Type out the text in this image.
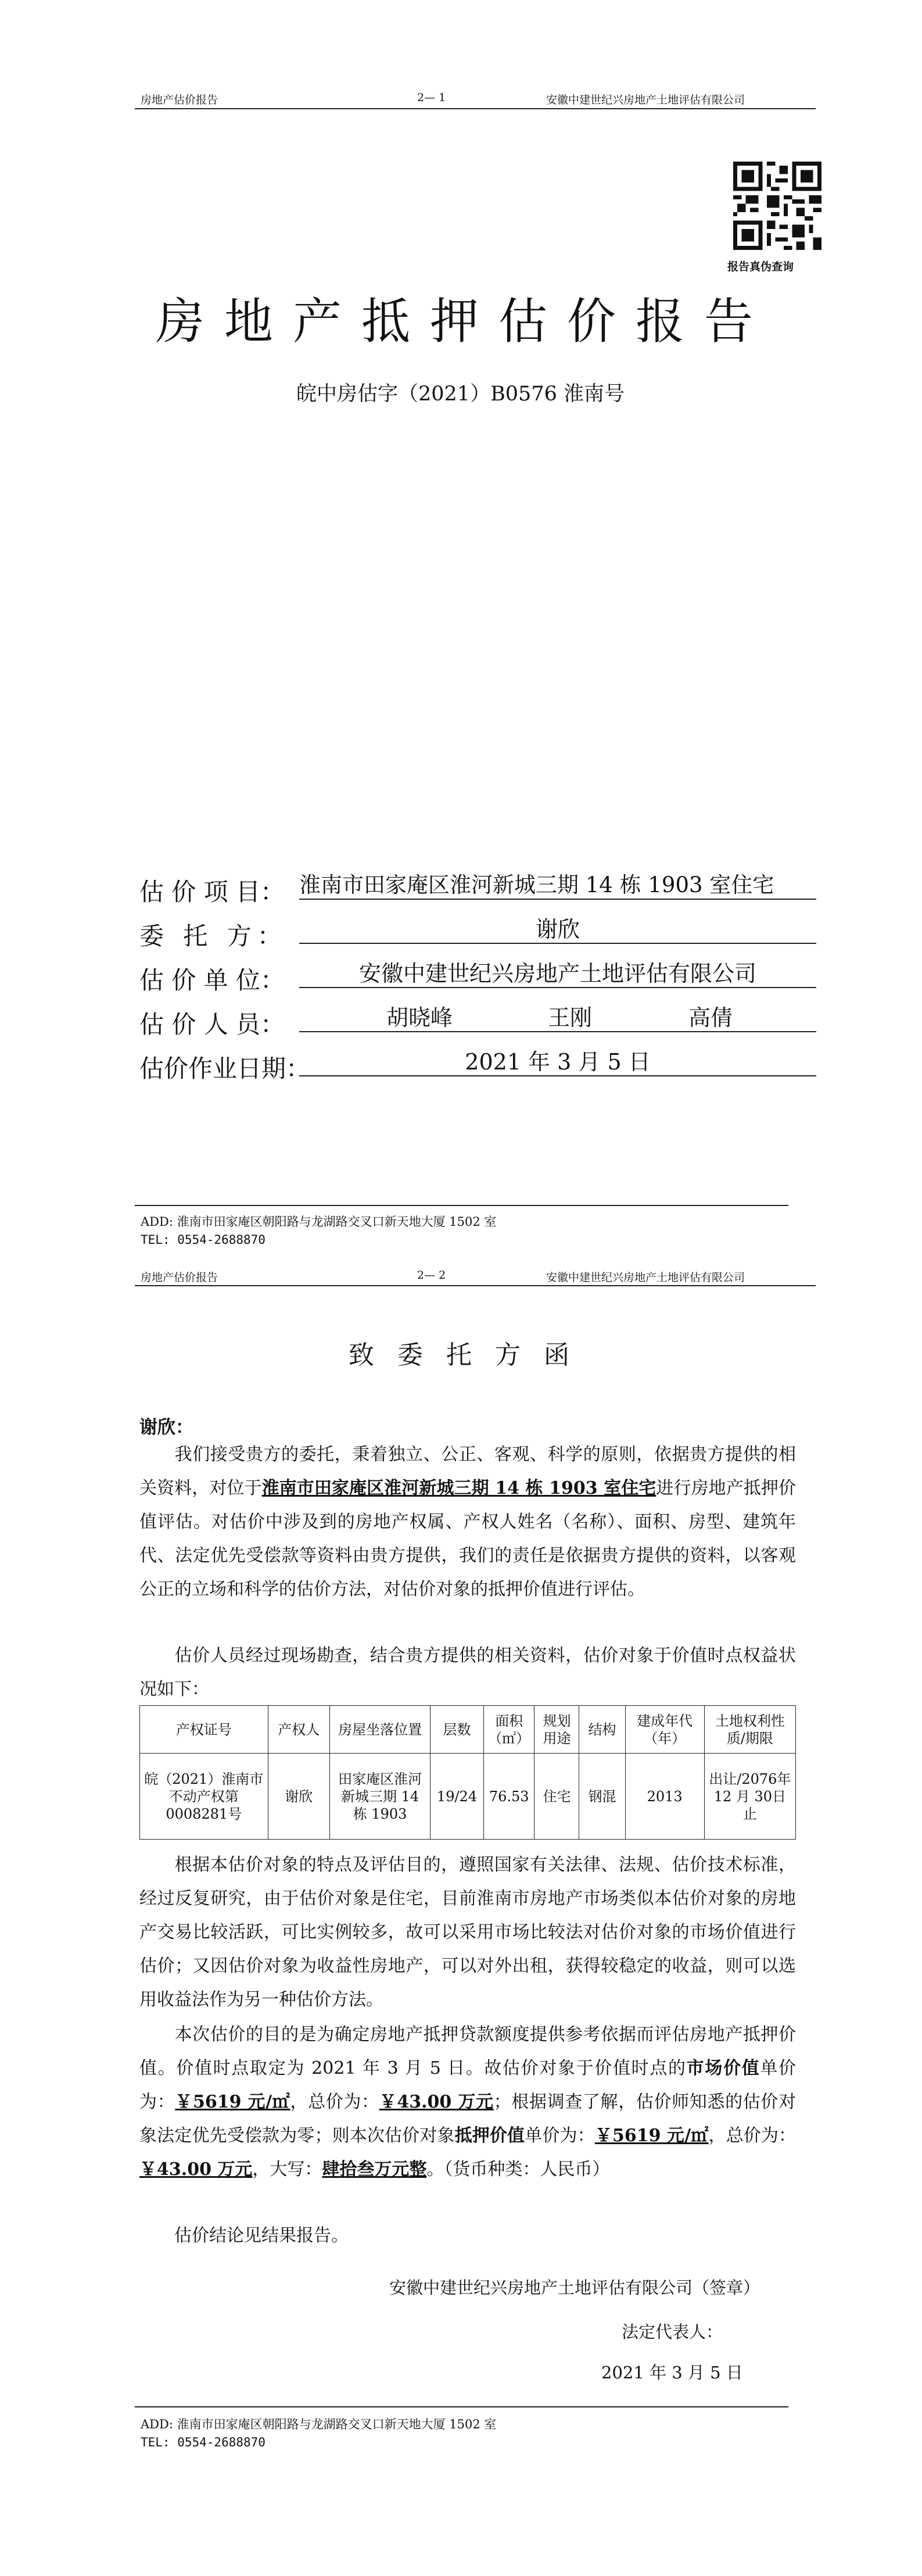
房地产估价报告	2— 1	安徽中建世纪兴房地产土地评估有限公司
报告真伪查询
房地产抵押估价报告
皖中房估字（2021）B0576 淮南号
估 价 项 目： 淮南市田家庵区淮河新城三期 14 栋 1903 室住宅
委 托 方：	谢欣
估 价 单 位：	安徽中建世纪兴房地产土地评估有限公司
估 价 人 员：	胡晓峰	王刚	高倩
估价作业日期：	2021 年 3 月 5 日
ADD: 淮南市田家庵区朝阳路与龙湖路交叉口新天地大厦 1502 室
TEL: 0554-2688870
房地产估价报告	2— 2	安徽中建世纪兴房地产土地评估有限公司
致委托方函
谢欣：
我们接受贵方的委托，秉着独立、公正、客观、科学的原则，依据贵方提供的相关资料，对位于淮南市田家庵区淮河新城三期 14 栋 1903 室住宅进行房地产抵押价值评估。对估价中涉及到的房地产权属、产权人姓名（名称）、面积、房型、建筑年代、法定优先受偿款等资料由贵方提供，我们的责任是依据贵方提供的资料，以客观公正的立场和科学的估价方法，对估价对象的抵押价值进行评估。
估价人员经过现场勘查，结合贵方提供的相关资料，估价对象于价值时点权益状况如下：
产权证号	产权人	房屋坐落位置	层数	面积（㎡）	规划用途	结构	建成年代（年）	土地权利性质/期限
皖（2021）淮南市不动产权第0008281号	谢欣	田家庵区淮河新城三期 14 栋 1903	19/24	76.53	住宅	钢混	2013	出让/2076年 12 月 30日止
根据本估价对象的特点及评估目的，遵照国家有关法律、法规、估价技术标准，经过反复研究，由于估价对象是住宅，目前淮南市房地产市场类似本估价对象的房地产交易比较活跃，可比实例较多，故可以采用市场比较法对估价对象的市场价值进行估价；又因估价对象为收益性房地产，可以对外出租，获得较稳定的收益，则可以选用收益法作为另一种估价方法。
本次估价的目的是为确定房地产抵押贷款额度提供参考依据而评估房地产抵押价值。价值时点取定为 2021 年 3 月 5 日。故估价对象于价值时点的市场价值单价为：￥5619 元/㎡，总价为：￥43.00 万元；根据调查了解，估价师知悉的估价对象法定优先受偿款为零；则本次估价对象抵押价值单价为：￥5619 元/㎡，总价为：￥43.00 万元，大写：肆拾叁万元整。（货币种类：人民币）
估价结论见结果报告。
安徽中建世纪兴房地产土地评估有限公司（签章）
法定代表人：
2021 年 3 月 5 日
ADD: 淮南市田家庵区朝阳路与龙湖路交叉口新天地大厦 1502 室
TEL: 0554-2688870
